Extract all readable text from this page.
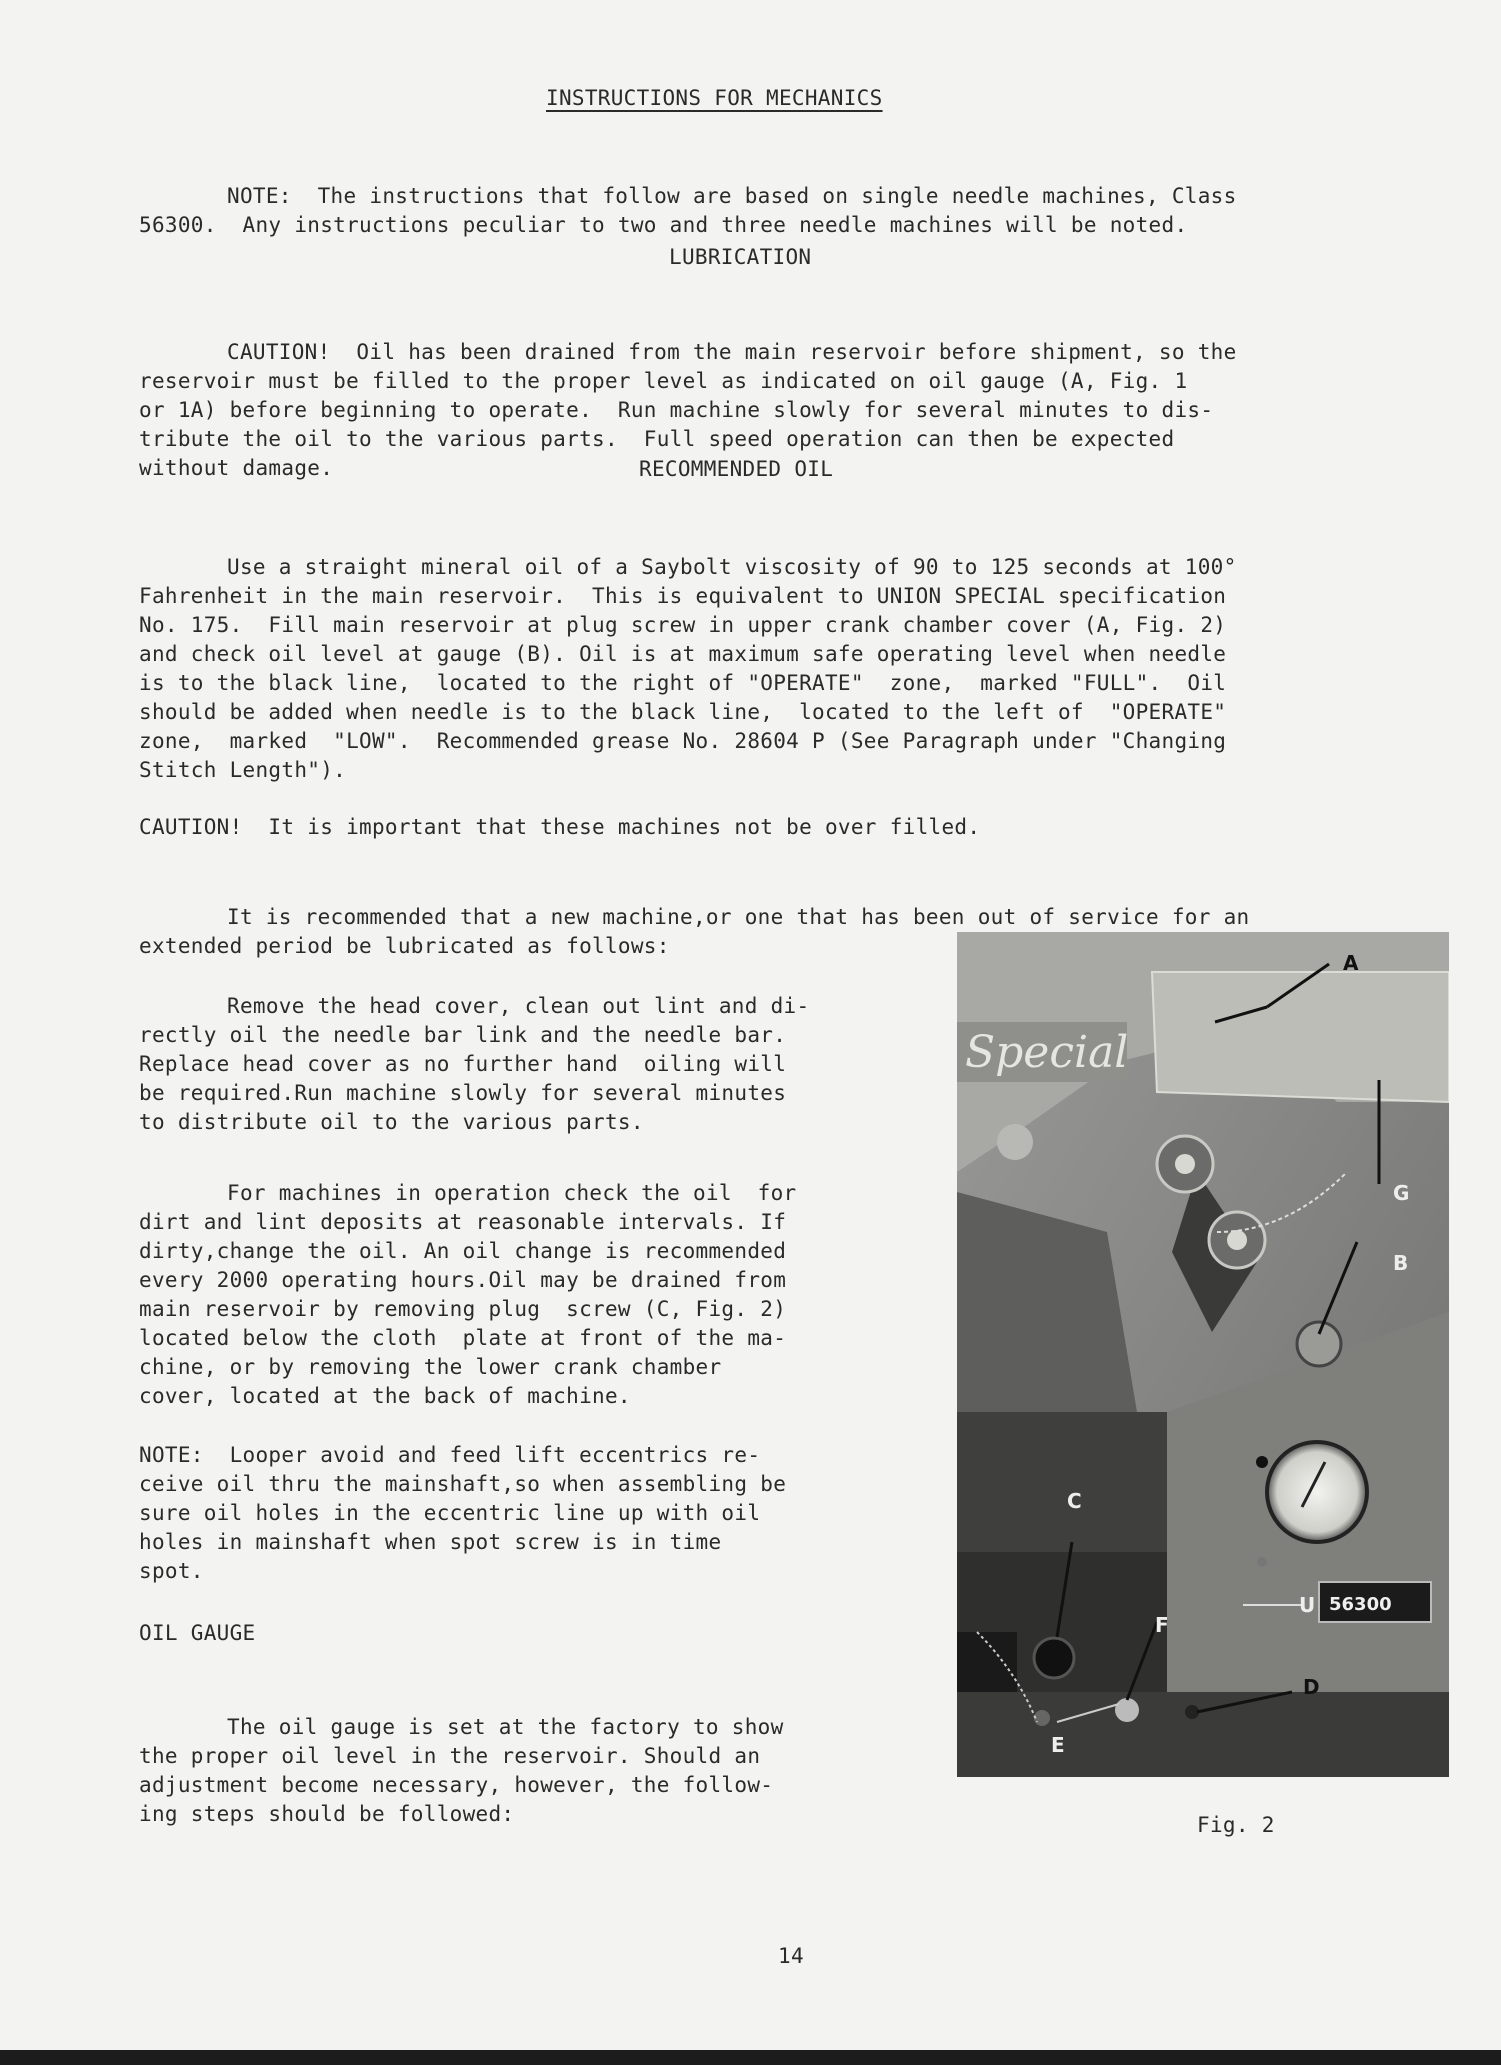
INSTRUCTIONS FOR MECHANICS

NOTE:  The instructions that follow are based on single needle machines, Class
56300.  Any instructions peculiar to two and three needle machines will be noted.
LUBRICATION

CAUTION!  Oil has been drained from the main reservoir before shipment, so the
reservoir must be filled to the proper level as indicated on oil gauge (A, Fig. 1
or 1A) before beginning to operate.  Run machine slowly for several minutes to dis-
tribute the oil to the various parts.  Full speed operation can then be expected
without damage.	RECOMMENDED OIL

Use a straight mineral oil of a Saybolt viscosity of 90 to 125 seconds at 100°
Fahrenheit in the main reservoir.  This is equivalent to UNION SPECIAL specification
No. 175.  Fill main reservoir at plug screw in upper crank chamber cover (A, Fig. 2)
and check oil level at gauge (B). Oil is at maximum safe operating level when needle
is to the black line,  located to the right of "OPERATE"  zone,  marked "FULL".  Oil
should be added when needle is to the black line,  located to the left of  "OPERATE"
zone,  marked  "LOW".  Recommended grease No. 28604 P (See Paragraph under "Changing
Stitch Length").
CAUTION!  It is important that these machines not be over filled.

It is recommended that a new machine,or one that has been out of service for an
extended period be lubricated as follows:

Remove the head cover, clean out lint and di-
rectly oil the needle bar link and the needle bar.
Replace head cover as no further hand  oiling will
be required.Run machine slowly for several minutes
to distribute oil to the various parts.

For machines in operation check the oil  for
dirt and lint deposits at reasonable intervals. If
dirty,change the oil. An oil change is recommended
every 2000 operating hours.Oil may be drained from
main reservoir by removing plug  screw (C, Fig. 2)
located below the cloth  plate at front of the ma-
chine, or by removing the lower crank chamber
cover, located at the back of machine.

NOTE:  Looper avoid and feed lift eccentrics re-
ceive oil thru the mainshaft,so when assembling be
sure oil holes in the eccentric line up with oil
holes in mainshaft when spot screw is in time
spot.
OIL GAUGE

The oil gauge is set at the factory to show
the proper oil level in the reservoir. Should an
adjustment become necessary, however, the follow-
ing steps should be followed:
Special
56300
A
G
B
C
U
F
D
E
Fig. 2
14
